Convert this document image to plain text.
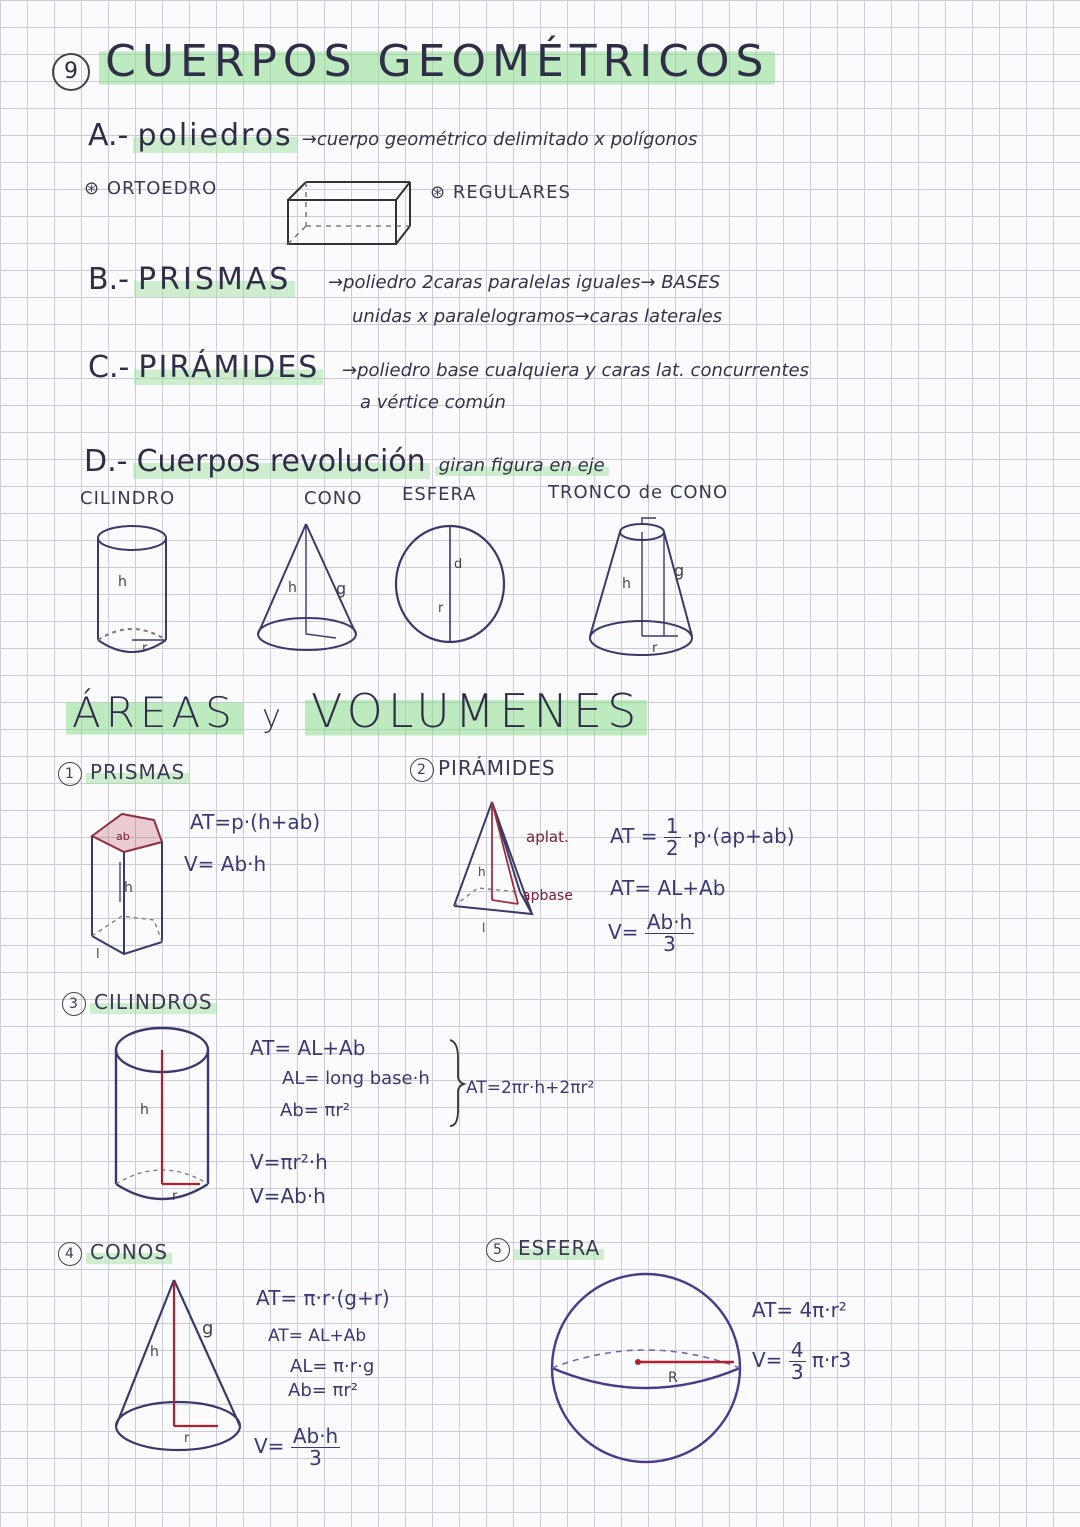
9 CUERPOS GEOMÉTRICOS
A.- poliedros →cuerpo geométrico delimitado x polígonos
⊛ ORTOEDRO	⊛ REGULARES
B.- PRISMAS →poliedro 2caras paralelas iguales→ BASES
unidas x paralelogramos→caras laterales
C.- PIRÁMIDES →poliedro base cualquiera y caras lat. concurrentes
a vértice común
D.- Cuerpos revolución giran figura en eje
CILINDRO	CONO ESFERA	TRONCO de CONO
h
r
h g
d
r
h
g
r
ÁREAS y VOLUMENES
1 PRISMAS
ab
h
l
AT=p·(h+ab)
V= Ab·h
2 PIRÁMIDES
h
l
aplat.
apbase
AT = $\frac{1}{2} \cdot p\cdot(ap+ab)$
AT= AL+Ab
$V= \frac{Ab\cdot h}{3}$
3 CILINDROS
h
r
AT= AL+Ab
AL= long base·h
Ab= πr²
AT=2πr·h+2πr²
V=πr²·h
V=Ab·h
4 CONOS
h
g
r
AT= π·r·(g+r)
AT= AL+Ab
AL= π·r·g
Ab= πr²
$V= \frac{Ab\cdot h}{3}$
5 ESFERA
R
AT= 4π·r²
$V= \frac{4}{3} \pi\cdot r3$
